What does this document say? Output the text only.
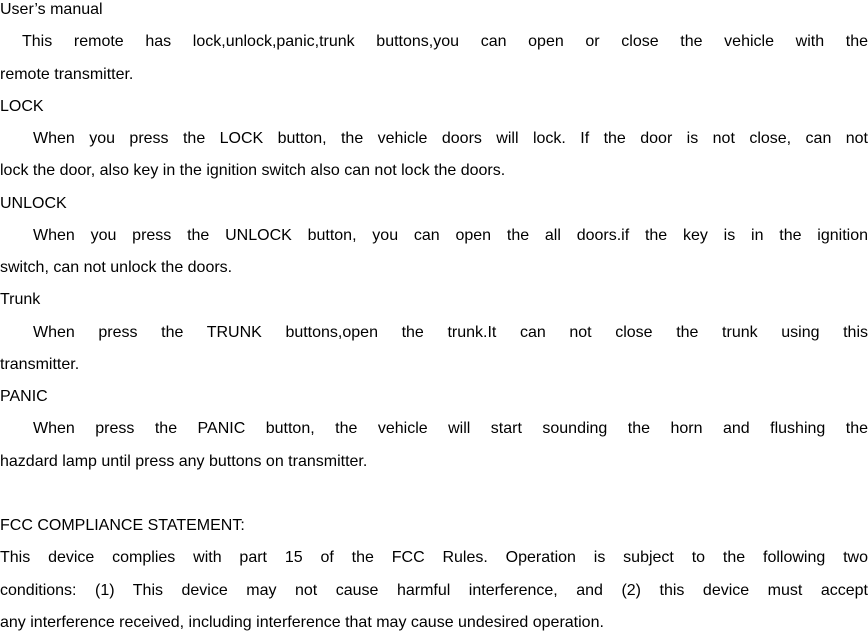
User’s manual
This remote has lock,unlock,panic,trunk buttons,you can open or close the vehicle with the
remote transmitter.
LOCK
When you press the LOCK button, the vehicle doors will lock. If the door is not close, can not
lock the door, also key in the ignition switch also can not lock the doors.
UNLOCK
When you press the UNLOCK button, you can open the all doors.if the key is in the ignition
switch, can not unlock the doors.
Trunk
When press the TRUNK buttons,open the trunk.It can not close the trunk using this
transmitter.
PANIC
When press the PANIC button, the vehicle will start sounding the horn and flushing the
hazdard lamp until press any buttons on transmitter.
FCC COMPLIANCE STATEMENT:
This device complies with part 15 of the FCC Rules. Operation is subject to the following two
conditions: (1) This device may not cause harmful interference, and (2) this device must accept
any interference received, including interference that may cause undesired operation.
